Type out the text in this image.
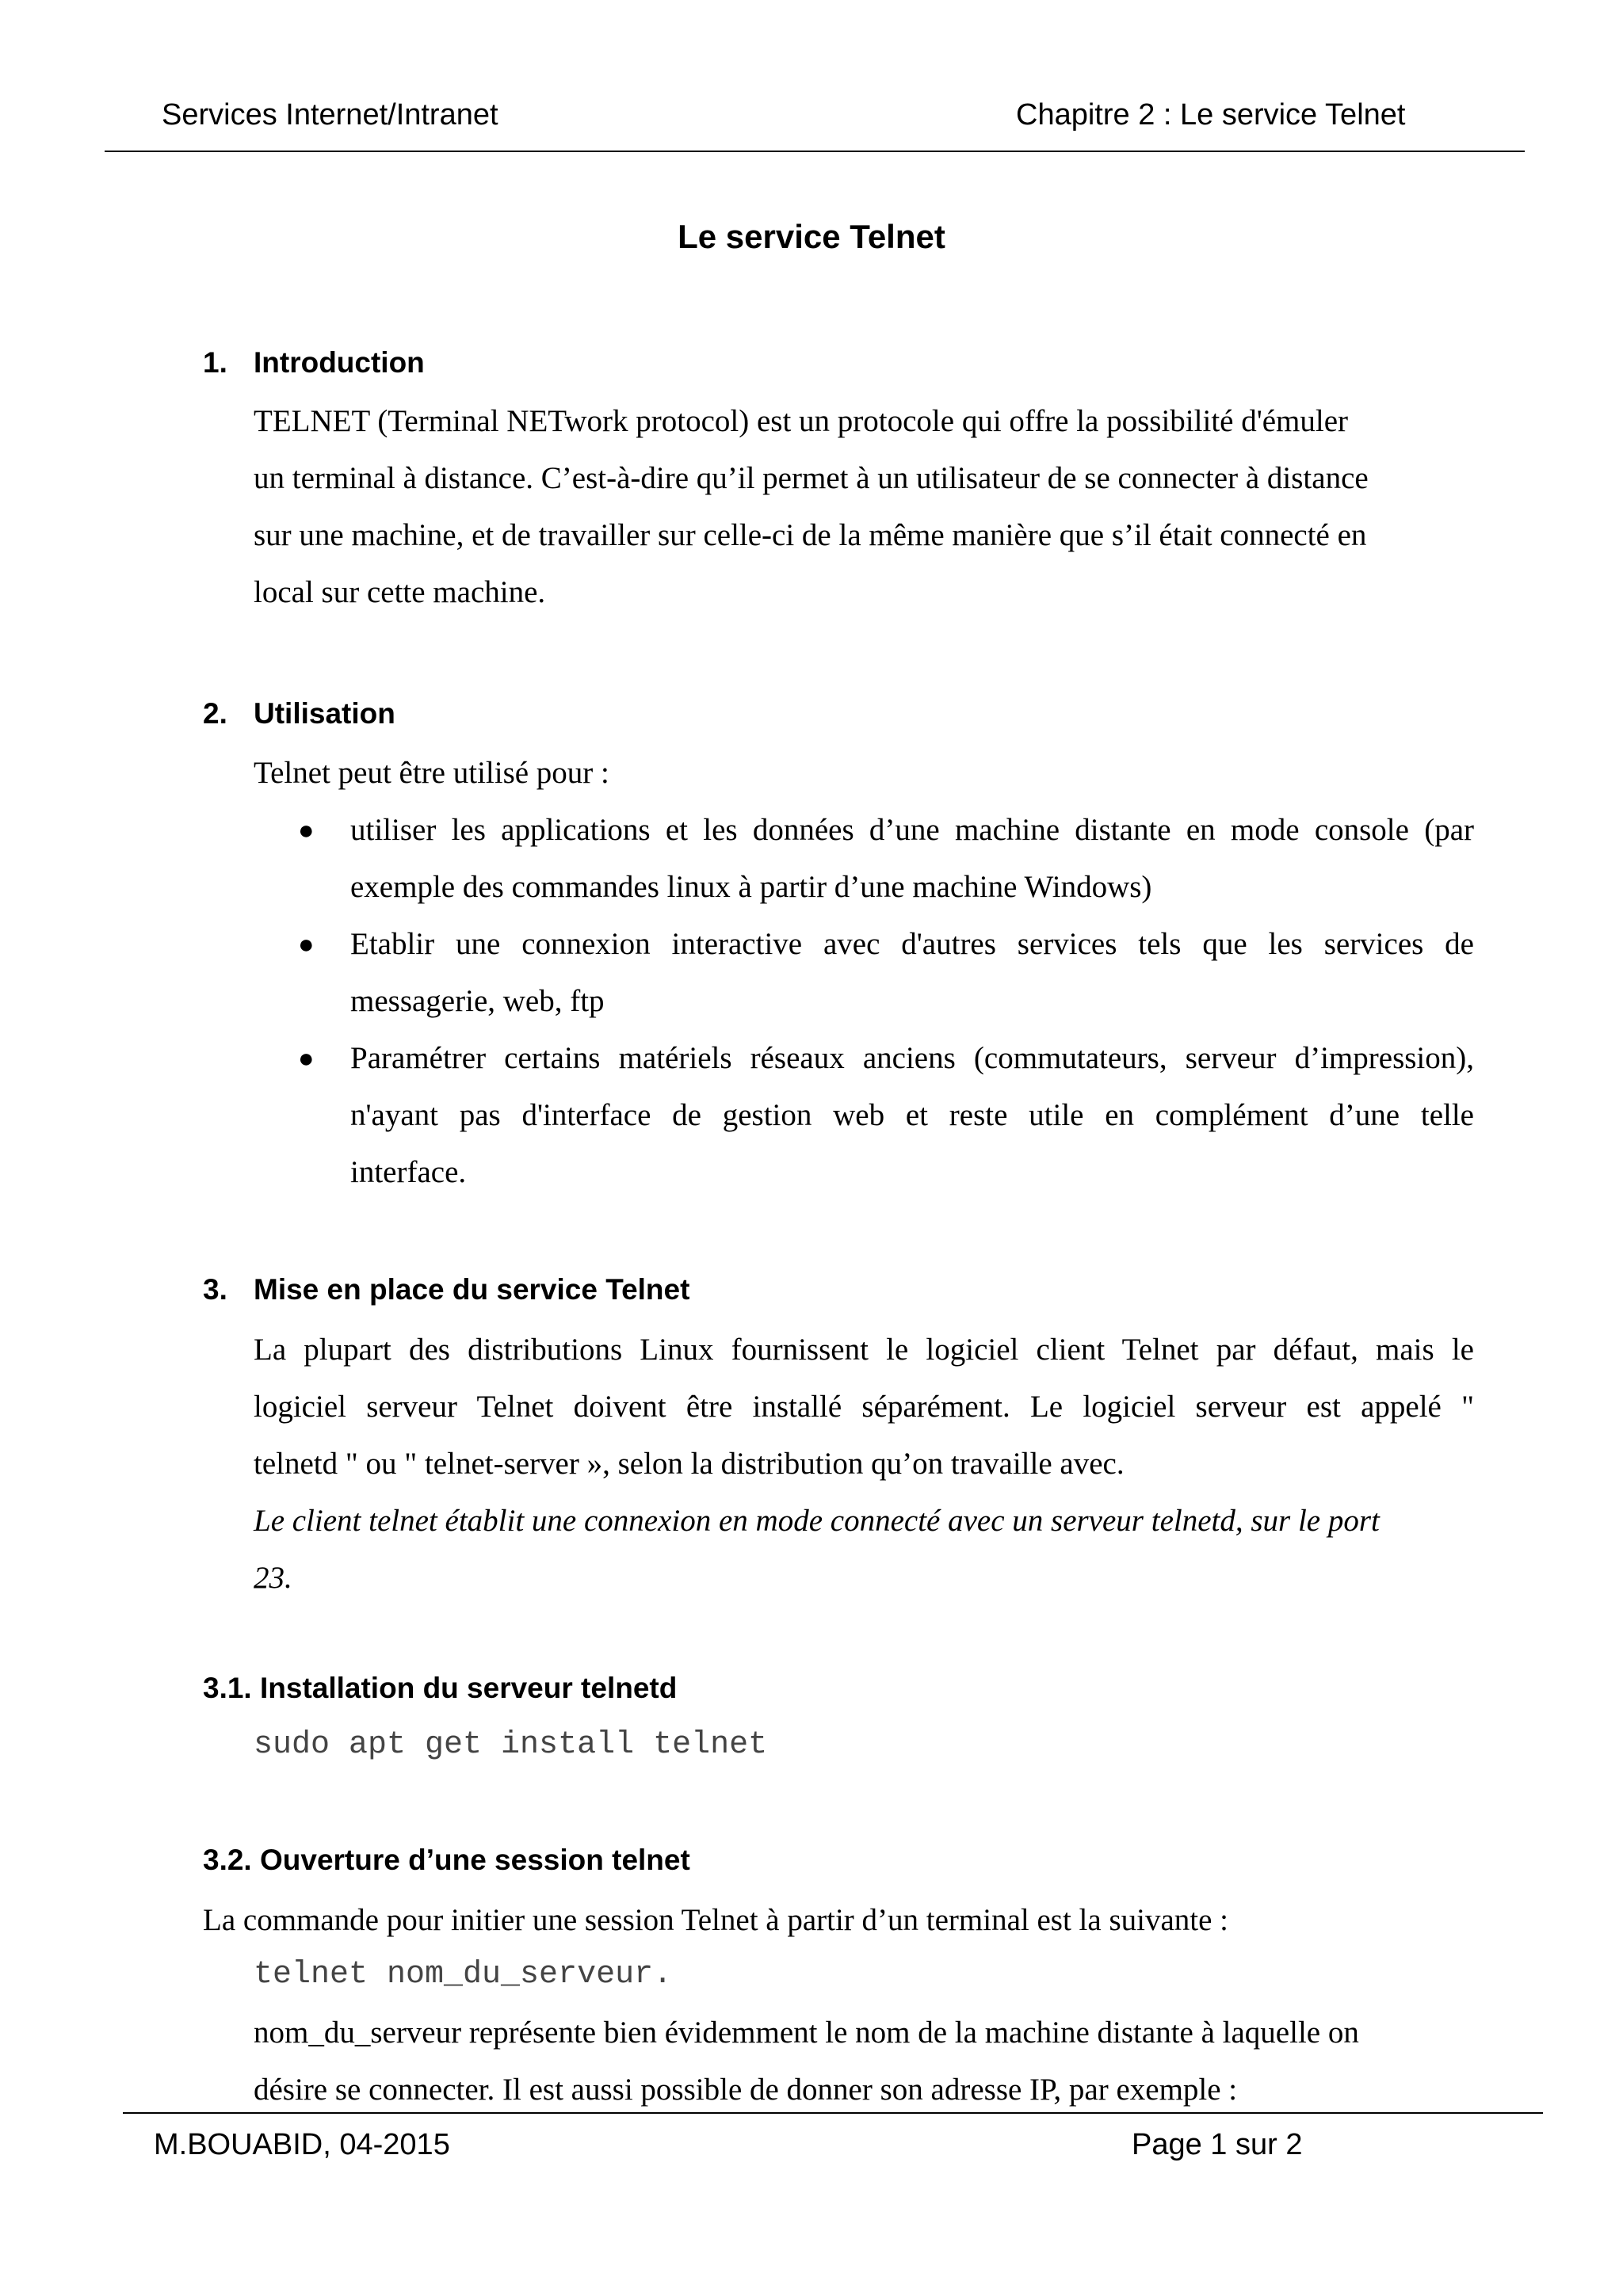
Services Internet/Intranet	Chapitre 2 : Le service Telnet
Le service Telnet
1. Introduction
TELNET (Terminal NETwork protocol) est un protocole qui offre la possibilité d'émuler
un terminal à distance. C’est-à-dire qu’il permet à un utilisateur de se connecter à distance
sur une machine, et de travailler sur celle-ci de la même manière que s’il était connecté en
local sur cette machine.
2. Utilisation
Telnet peut être utilisé pour :
● utiliser les applications et les données d’une machine distante en mode console (par
exemple des commandes linux à partir d’une machine Windows)
● Etablir une connexion interactive avec d'autres services tels que les services de
messagerie, web, ftp
● Paramétrer certains matériels réseaux anciens (commutateurs, serveur d’impression),
n'ayant pas d'interface de gestion web et reste utile en complément d’une telle
interface.
3. Mise en place du service Telnet
La plupart des distributions Linux fournissent le logiciel client Telnet par défaut, mais le
logiciel serveur Telnet doivent être installé séparément. Le logiciel serveur est appelé "
telnetd " ou " telnet-server », selon la distribution qu’on travaille avec.
Le client telnet établit une connexion en mode connecté avec un serveur telnetd, sur le port
23.
3.1. Installation du serveur telnetd
sudo apt get install telnet
3.2. Ouverture d’une session telnet
La commande pour initier une session Telnet à partir d’un terminal est la suivante :
telnet nom_du_serveur.
nom_du_serveur représente bien évidemment le nom de la machine distante à laquelle on
désire se connecter. Il est aussi possible de donner son adresse IP, par exemple :
M.BOUABID, 04-2015	Page 1 sur 2
